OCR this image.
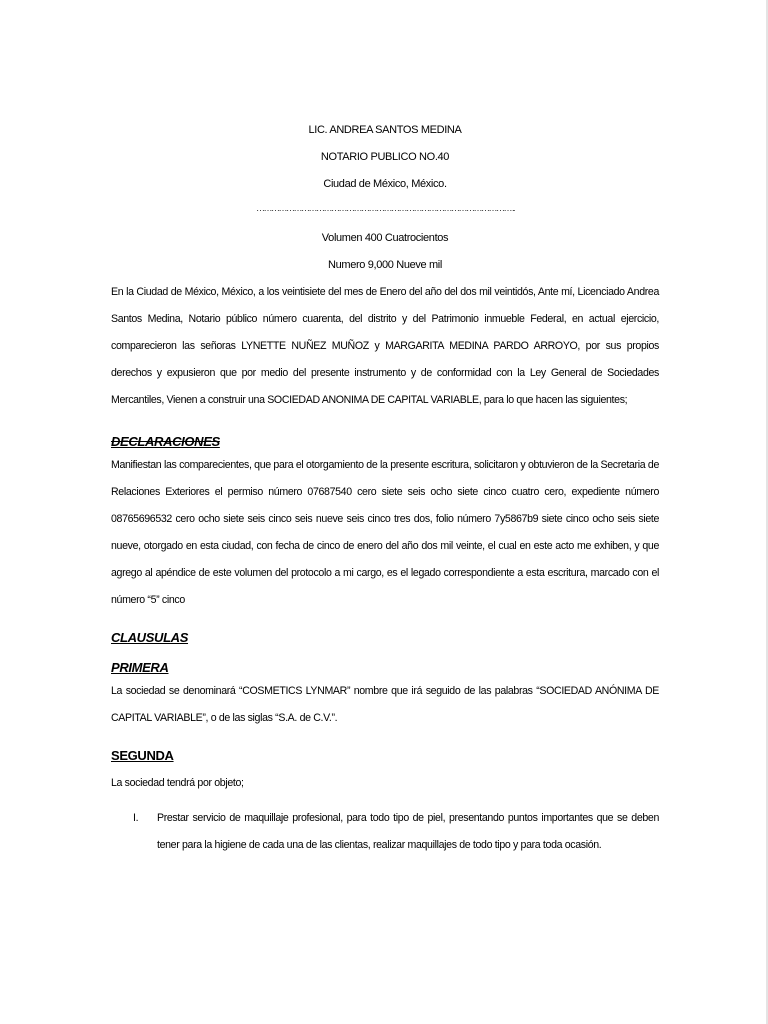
LIC. ANDREA SANTOS MEDINA
NOTARIO PUBLICO NO.40
Ciudad de México, México.
………………………………………………………………………………………… ..
Volumen 400 Cuatrocientos
Numero 9,000 Nueve mil

En la Ciudad de México, México, a los veintisiete del mes de Enero del año del dos mil veintidós, Ante mí, Licenciado Andrea Santos Medina, Notario público número cuarenta, del distrito y del Patrimonio inmueble Federal, en actual ejercicio, comparecieron las señoras LYNETTE NUÑEZ MUÑOZ y MARGARITA MEDINA PARDO ARROYO, por sus propios derechos y expusieron que por medio del presente instrumento y de conformidad con la Ley General de Sociedades Mercantiles, Vienen a construir una SOCIEDAD ANONIMA DE CAPITAL VARIABLE, para lo que hacen las siguientes;

DECLARACIONES

Manifiestan las comparecientes, que para el otorgamiento de la presente escritura, solicitaron y obtuvieron de la Secretaria de Relaciones Exteriores el permiso número 07687540 cero siete seis ocho siete cinco cuatro cero, expediente número 08765696532 cero ocho siete seis cinco seis nueve seis cinco tres dos, folio número 7y5867b9 siete cinco ocho seis siete nueve, otorgado en esta ciudad, con fecha de cinco de enero del año dos mil veinte, el cual en este acto me exhiben, y que agrego al apéndice de este volumen del protocolo a mi cargo, es el legado correspondiente a esta escritura, marcado con el número “5” cinco

CLAUSULAS
PRIMERA

La sociedad se denominará “COSMETICS LYNMAR” nombre que irá seguido de las palabras “SOCIEDAD ANÓNIMA DE CAPITAL VARIABLE”, o de las siglas “S.A. de C.V.”.

SEGUNDA

La sociedad tendrá por objeto;

I.	Prestar servicio de maquillaje profesional, para todo tipo de piel, presentando puntos importantes que se deben tener para la higiene de cada una de las clientas, realizar maquillajes de todo tipo y para toda ocasión.
